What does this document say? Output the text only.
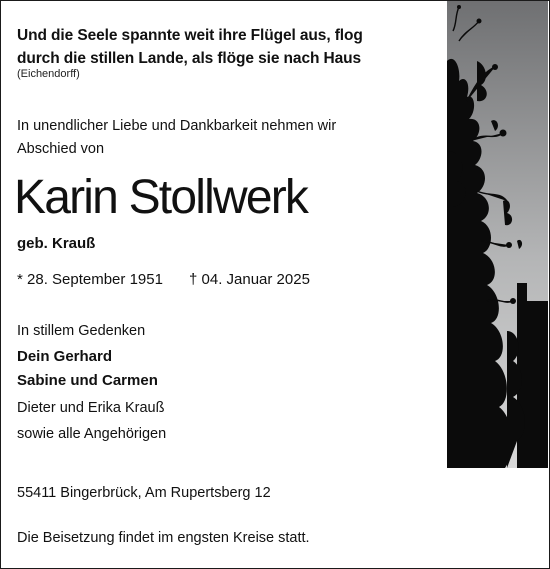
Und die Seele spannte weit ihre Flügel aus, flog
durch die stillen Lande, als flöge sie nach Haus
(Eichendorff)
In unendlicher Liebe und Dankbarkeit nehmen wir
Abschied von
Karin Stollwerk
geb. Krauß
* 28. September 1951 † 04. Januar 2025
In stillem Gedenken
Dein Gerhard
Sabine und Carmen
Dieter und Erika Krauß
sowie alle Angehörigen
55411 Bingerbrück, Am Rupertsberg 12
Die Beisetzung findet im engsten Kreise statt.
